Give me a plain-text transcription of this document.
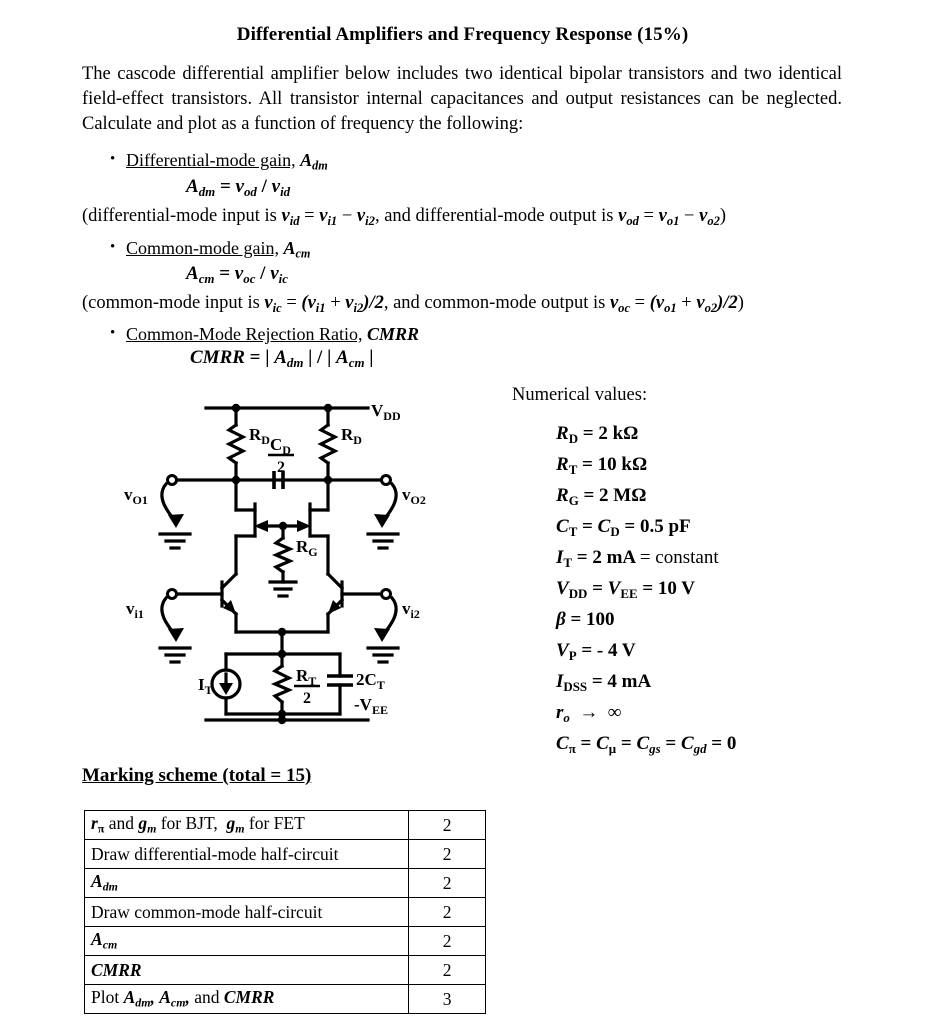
Differential Amplifiers and Frequency Response (15%)
The cascode differential amplifier below includes two identical bipolar transistors and two identical field-effect transistors. All transistor internal capacitances and output resistances can be neglected. Calculate and plot as a function of frequency the following:
• Differential-mode gain, $A_{dm}$
$A_{dm} = v_{od} / v_{id}$
(differential-mode input is $v_{id} = v_{i1} - v_{i2}$, and differential-mode output is $v_{od} = v_{o1} - v_{o2}$)
• Common-mode gain, $A_{cm}$
$A_{cm} = v_{oc} / v_{ic}$
(common-mode input is $v_{ic} = (v_{i1} + v_{i2})/2$, and common-mode output is $v_{oc} = (v_{o1} + v_{o2})/2$)
• Common-Mode Rejection Ratio, CMRR
CMRR = | $A_{dm}$ | / | $A_{cm}$ |
Numerical values:
$R_D = 2$ kΩ
$R_T = 10$ kΩ
$R_G = 2$ MΩ
$C_T = C_D = 0.5$ pF
$I_T = 2$ mA = constant
$V_{DD} = V_{EE} = 10$ V
β = 100
$V_P$ = - 4 V
$I_{DSS} = 4$ mA
$r_o$  →  ∞
$C_\pi = C_\mu = C_{gs} = C_{gd} = 0$
$V_{DD}$
$R_D$	$R_D$
$C_D$
2
$v_{O1}$	$v_{O2}$
$R_G$
$v_{i1}$	$v_{i2}$
$I_T$
$R_T$
2
$2C_T$
$-V_{EE}$
Marking scheme (total = 15)
$r_\pi$ and $g_m$ for BJT,  $g_m$ for FET	2
Draw differential-mode half-circuit	2
$A_{dm}$	2
Draw common-mode half-circuit	2
$A_{cm}$	2
CMRR	2
Plot $A_{dm}$, $A_{cm}$, and CMRR	3
